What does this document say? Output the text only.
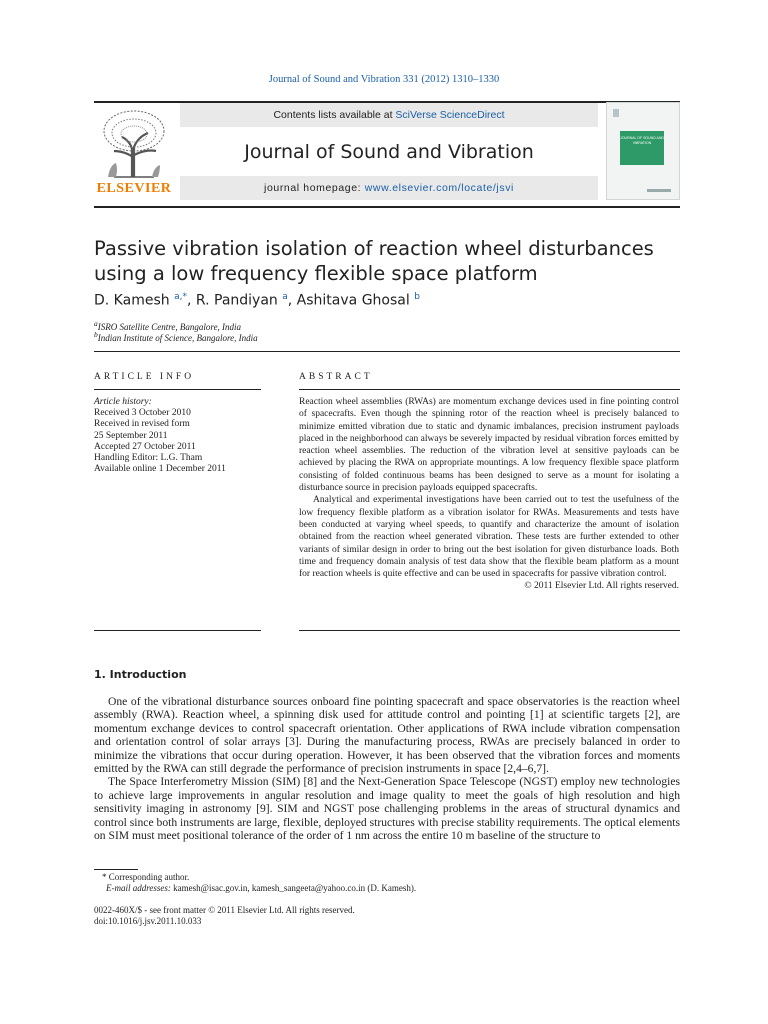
Journal of Sound and Vibration 331 (2012) 1310–1330
ELSEVIER
Contents lists available at SciVerse ScienceDirect
Journal of Sound and Vibration
journal homepage: www.elsevier.com/locate/jsvi
JOURNAL OF SOUND AND VIBRATION
Passive vibration isolation of reaction wheel disturbances using a low frequency flexible space platform
D. Kamesh $^{a,*}$, R. Pandiyan $^a$, Ashitava Ghosal $^b$
$^a$ISRO Satellite Centre, Bangalore, India
$^b$Indian Institute of Science, Bangalore, India
ARTICLE INFO	ABSTRACT
Article history:
Received 3 October 2010
Received in revised form
25 September 2011
Accepted 27 October 2011
Handling Editor: L.G. Tham
Available online 1 December 2011

Reaction wheel assemblies (RWAs) are momentum exchange devices used in fine pointing control of spacecrafts. Even though the spinning rotor of the reaction wheel is precisely balanced to minimize emitted vibration due to static and dynamic imbalances, precision instrument payloads placed in the neighborhood can always be severely impacted by residual vibration forces emitted by reaction wheel assemblies. The reduction of the vibration level at sensitive payloads can be achieved by placing the RWA on appropriate mountings. A low frequency flexible space platform consisting of folded continuous beams has been designed to serve as a mount for isolating a disturbance source in precision payloads equipped spacecrafts.

Analytical and experimental investigations have been carried out to test the usefulness of the low frequency flexible platform as a vibration isolator for RWAs. Measurements and tests have been conducted at varying wheel speeds, to quantify and characterize the amount of isolation obtained from the reaction wheel generated vibration. These tests are further extended to other variants of similar design in order to bring out the best isolation for given disturbance loads. Both time and frequency domain analysis of test data show that the flexible beam platform as a mount for reaction wheels is quite effective and can be used in spacecrafts for passive vibration control.

© 2011 Elsevier Ltd. All rights reserved.

1. Introduction

One of the vibrational disturbance sources onboard fine pointing spacecraft and space observatories is the reaction wheel assembly (RWA). Reaction wheel, a spinning disk used for attitude control and pointing [1] at scientific targets [2], are momentum exchange devices to control spacecraft orientation. Other applications of RWA include vibration compensation and orientation control of solar arrays [3]. During the manufacturing process, RWAs are precisely balanced in order to minimize the vibrations that occur during operation. However, it has been observed that the vibration forces and moments emitted by the RWA can still degrade the performance of precision instruments in space [2,4–6,7].

The Space Interferometry Mission (SIM) [8] and the Next-Generation Space Telescope (NGST) employ new technologies to achieve large improvements in angular resolution and image quality to meet the goals of high resolution and high sensitivity imaging in astronomy [9]. SIM and NGST pose challenging problems in the areas of structural dynamics and control since both instruments are large, flexible, deployed structures with precise stability requirements. The optical elements on SIM must meet positional tolerance of the order of 1 nm across the entire 10 m baseline of the structure to

* Corresponding author.
E-mail addresses: kamesh@isac.gov.in, kamesh_sangeeta@yahoo.co.in (D. Kamesh).
0022-460X/$ - see front matter © 2011 Elsevier Ltd. All rights reserved.
doi:10.1016/j.jsv.2011.10.033
